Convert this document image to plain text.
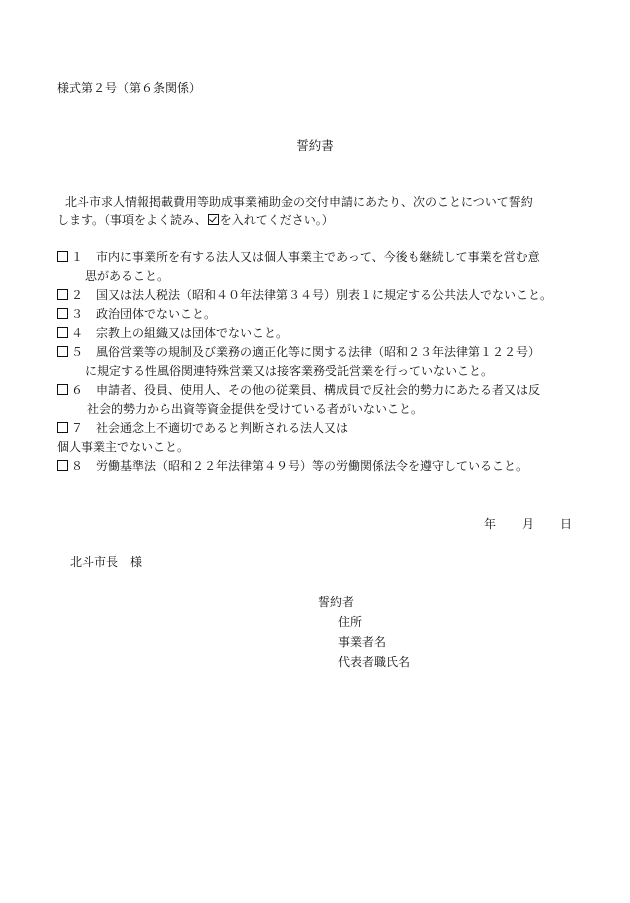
様式第２号（第６条関係）
誓約書
北斗市求人情報掲載費用等助成事業補助金の交付申請にあたり、次のことについて誓約
します。（事項をよく読み、 を入れてください。）
１ 市内に事業所を有する法人又は個人事業主であって、今後も継続して事業を営む意
思があること。
２ 国又は法人税法（昭和４０年法律第３４号）別表１に規定する公共法人でないこと。
３ 政治団体でないこと。
４ 宗教上の組織又は団体でないこと。
５ 風俗営業等の規制及び業務の適正化等に関する法律（昭和２３年法律第１２２号）
に規定する性風俗関連特殊営業又は接客業務受託営業を行っていないこと。
６ 申請者、役員、使用人、その他の従業員、構成員で反社会的勢力にあたる者又は反
社会的勢力から出資等資金提供を受けている者がいないこと。
７ 社会通念上不適切であると判断される法人又は
個人事業主でないこと。
８ 労働基準法（昭和２２年法律第４９号）等の労働関係法令を遵守していること。
年 月 日
北斗市長　様
誓約者
住所
事業者名
代表者職氏名
